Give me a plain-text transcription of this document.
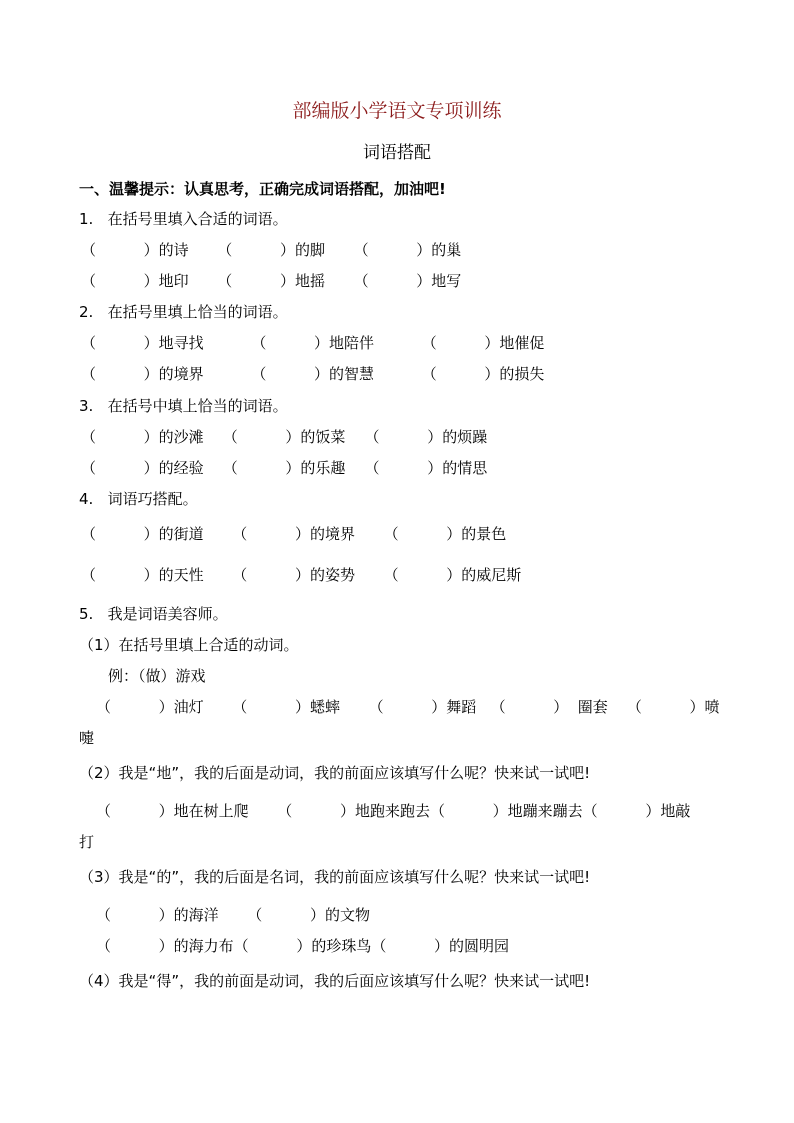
部编版小学语文专项训练
词语搭配
一、温馨提示：认真思考，正确完成词语搭配，加油吧!
1.   在括号里填入合适的词语。
（          ）的诗      （          ）的脚      （          ）的巢
（          ）地印      （          ）地摇      （          ）地写
2.   在括号里填上恰当的词语。
（          ）地寻找          （          ）地陪伴          （          ）地催促
（          ）的境界          （          ）的智慧          （          ）的损失
3.   在括号中填上恰当的词语。
（          ）的沙滩    （          ）的饭菜    （          ）的烦躁
（          ）的经验    （          ）的乐趣    （          ）的情思
4.   词语巧搭配。
（          ）的街道      （          ）的境界      （          ）的景色
（          ）的天性      （          ）的姿势      （          ）的威尼斯
5.   我是词语美容师。
（1）在括号里填上合适的动词。
例：（做）游戏
（          ）油灯      （          ）蟋蟀      （          ）舞蹈   （          ）  圈套    （          ）喷
嚏
（2）我是“地”，我的后面是动词，我的前面应该填写什么呢？快来试一试吧!
（          ）地在树上爬      （          ）地跑来跑去（          ）地蹦来蹦去（          ）地敲
打
（3）我是“的”，我的后面是名词，我的前面应该填写什么呢？快来试一试吧!
（          ）的海洋      （          ）的文物
（          ）的海力布（          ）的珍珠鸟（          ）的圆明园
（4）我是“得”，我的前面是动词，我的后面应该填写什么呢？快来试一试吧!
